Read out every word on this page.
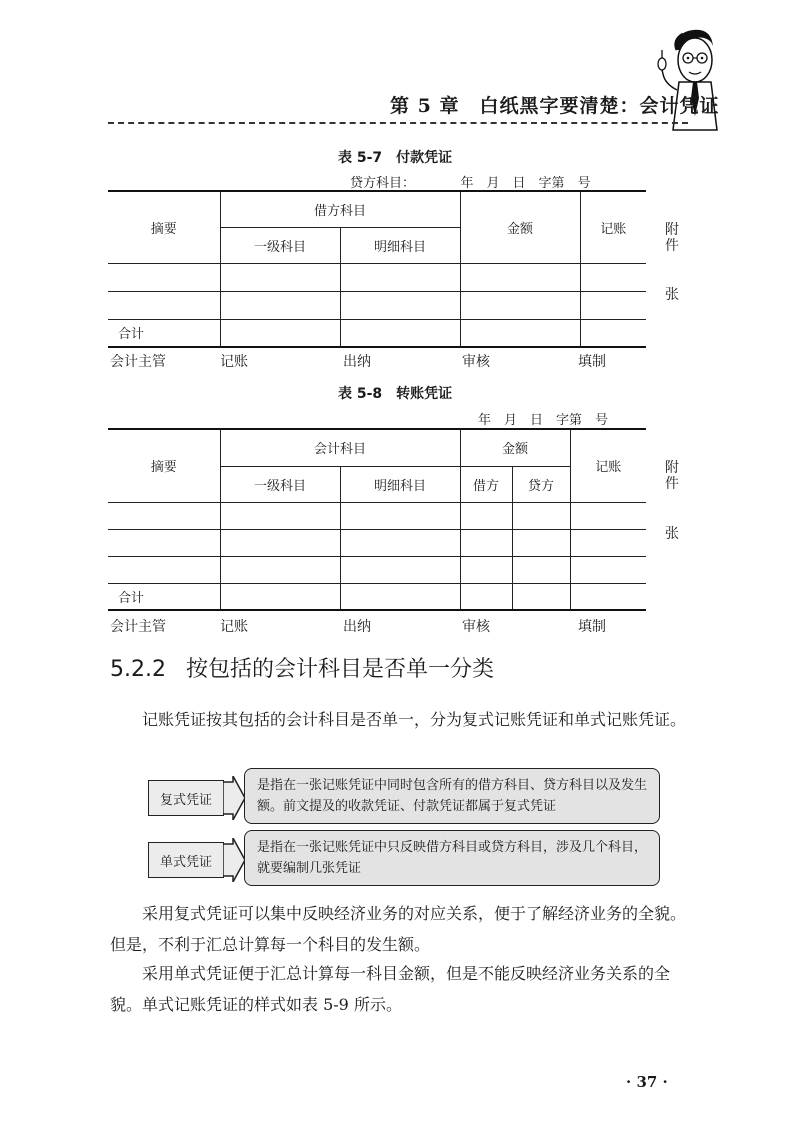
第 5 章　白纸黑字要清楚：会计凭证
表 5-7　付款凭证
贷方科目：　　　　年　月　日　字第　号
摘要	借方科目		金额	记账
	一级科目	明细科目		

合计				
附件
张
会计主管	记账	出纳	审核	填制
表 5-8　转账凭证
年　月　日　字第　号
摘要	会计科目		金额		记账
	一级科目	明细科目	借方	贷方	

合计					
附件
张
会计主管	记账	出纳	审核	填制
5.2.2 按包括的会计科目是否单一分类
记账凭证按其包括的会计科目是否单一，分为复式记账凭证和单式记账凭证。
复式凭证
是指在一张记账凭证中同时包含所有的借方科目、贷方科目以及发生额。前文提及的收款凭证、付款凭证都属于复式凭证
单式凭证
是指在一张记账凭证中只反映借方科目或贷方科目，涉及几个科目，就要编制几张凭证
采用复式凭证可以集中反映经济业务的对应关系，便于了解经济业务的全貌。但是，不利于汇总计算每一个科目的发生额。
采用单式凭证便于汇总计算每一科目金额，但是不能反映经济业务关系的全貌。单式记账凭证的样式如表 5-9 所示。
· 37 ·
